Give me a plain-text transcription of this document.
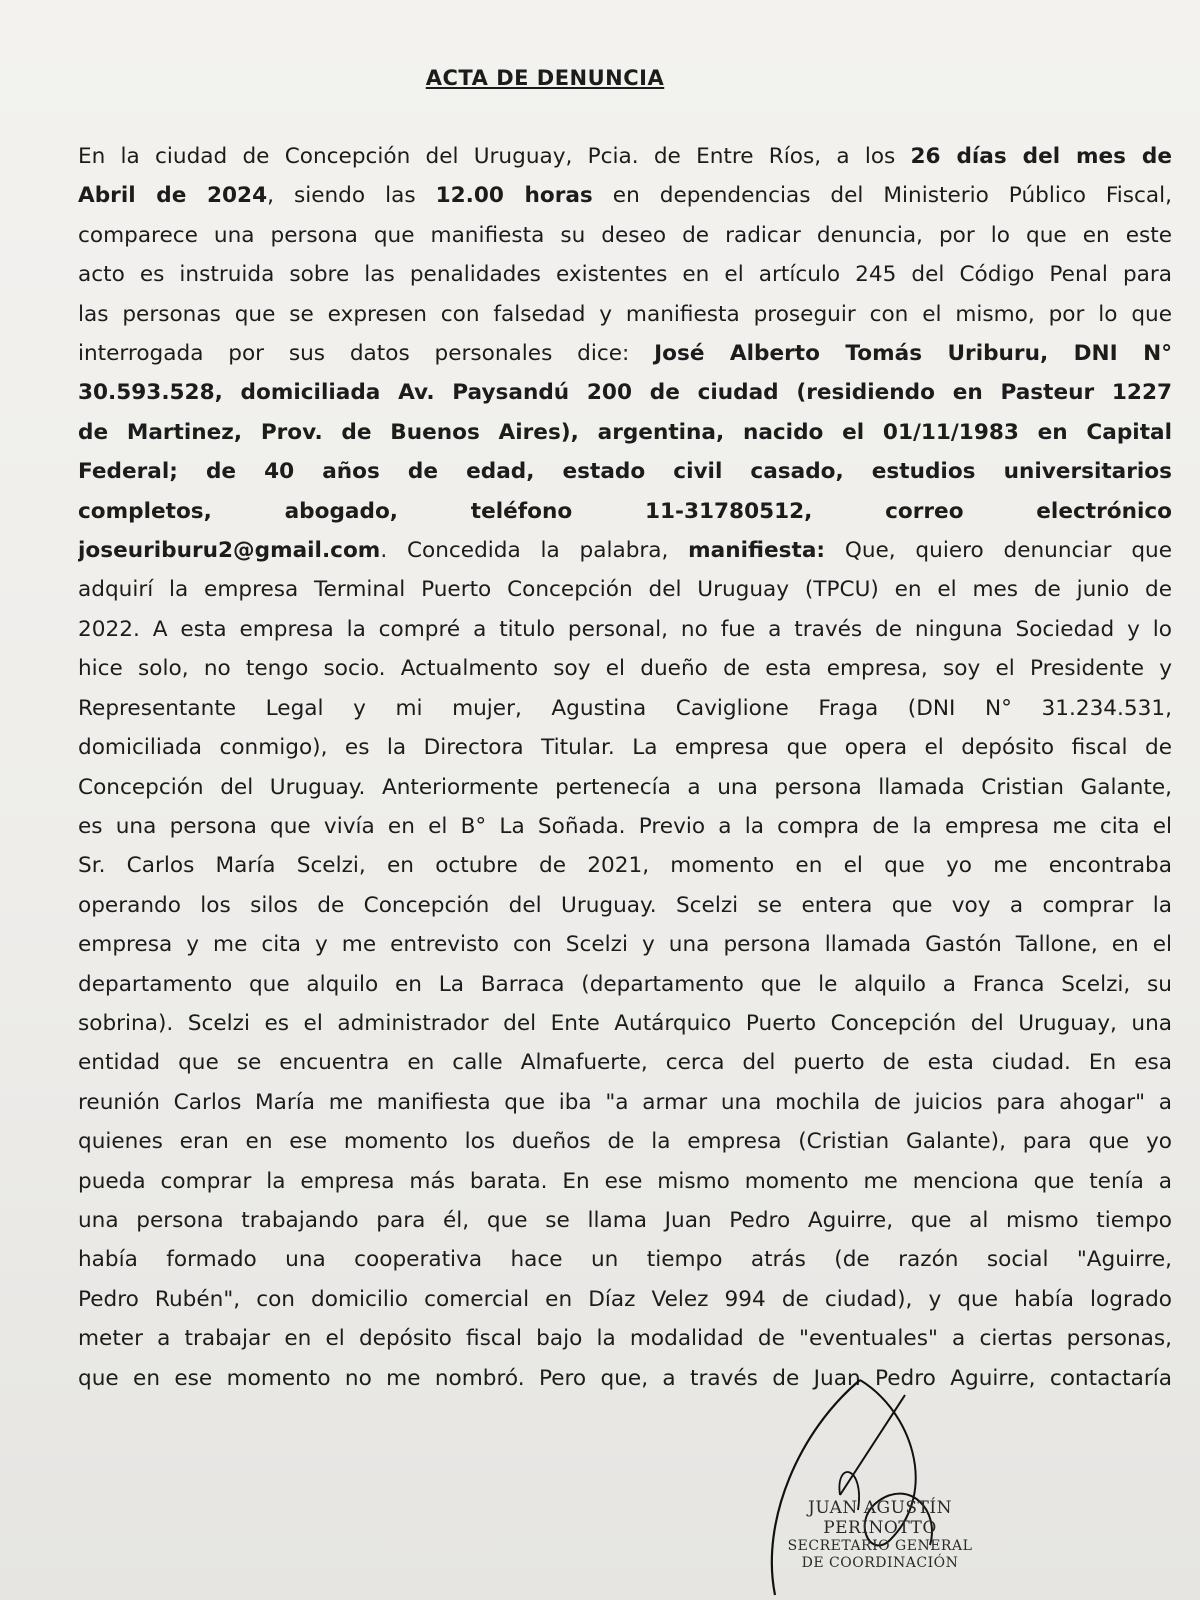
ACTA DE DENUNCIA
En la ciudad de Concepción del Uruguay, Pcia. de Entre Ríos, a los 26 días del mes de
Abril de 2024, siendo las 12.00 horas en dependencias del Ministerio Público Fiscal,
comparece una persona que manifiesta su deseo de radicar denuncia, por lo que en este
acto es instruida sobre las penalidades existentes en el artículo 245 del Código Penal para
las personas que se expresen con falsedad y manifiesta proseguir con el mismo, por lo que
interrogada por sus datos personales dice: José Alberto Tomás Uriburu, DNI N°
30.593.528, domiciliada Av. Paysandú 200 de ciudad (residiendo en Pasteur 1227
de Martinez, Prov. de Buenos Aires), argentina, nacido el 01/11/1983 en Capital
Federal; de 40 años de edad, estado civil casado, estudios universitarios
completos, abogado, teléfono 11-31780512, correo electrónico
joseuriburu2@gmail.com. Concedida la palabra, manifiesta: Que, quiero denunciar que
adquirí la empresa Terminal Puerto Concepción del Uruguay (TPCU) en el mes de junio de
2022. A esta empresa la compré a titulo personal, no fue a través de ninguna Sociedad y lo
hice solo, no tengo socio. Actualmento soy el dueño de esta empresa, soy el Presidente y
Representante Legal y mi mujer, Agustina Caviglione Fraga (DNI N° 31.234.531,
domiciliada conmigo), es la Directora Titular. La empresa que opera el depósito fiscal de
Concepción del Uruguay. Anteriormente pertenecía a una persona llamada Cristian Galante,
es una persona que vivía en el B° La Soñada. Previo a la compra de la empresa me cita el
Sr. Carlos María Scelzi, en octubre de 2021, momento en el que yo me encontraba
operando los silos de Concepción del Uruguay. Scelzi se entera que voy a comprar la
empresa y me cita y me entrevisto con Scelzi y una persona llamada Gastón Tallone, en el
departamento que alquilo en La Barraca (departamento que le alquilo a Franca Scelzi, su
sobrina). Scelzi es el administrador del Ente Autárquico Puerto Concepción del Uruguay, una
entidad que se encuentra en calle Almafuerte, cerca del puerto de esta ciudad. En esa
reunión Carlos María me manifiesta que iba "a armar una mochila de juicios para ahogar" a
quienes eran en ese momento los dueños de la empresa (Cristian Galante), para que yo
pueda comprar la empresa más barata. En ese mismo momento me menciona que tenía a
una persona trabajando para él, que se llama Juan Pedro Aguirre, que al mismo tiempo
había formado una cooperativa hace un tiempo atrás (de razón social "Aguirre,
Pedro Rubén", con domicilio comercial en Díaz Velez 994 de ciudad), y que había logrado
meter a trabajar en el depósito fiscal bajo la modalidad de "eventuales" a ciertas personas,
que en ese momento no me nombró. Pero que, a través de Juan Pedro Aguirre, contactaría
JUAN AGUSTÍN PERINOTTO
SECRETARIO GENERAL
DE COORDINACIÓN
